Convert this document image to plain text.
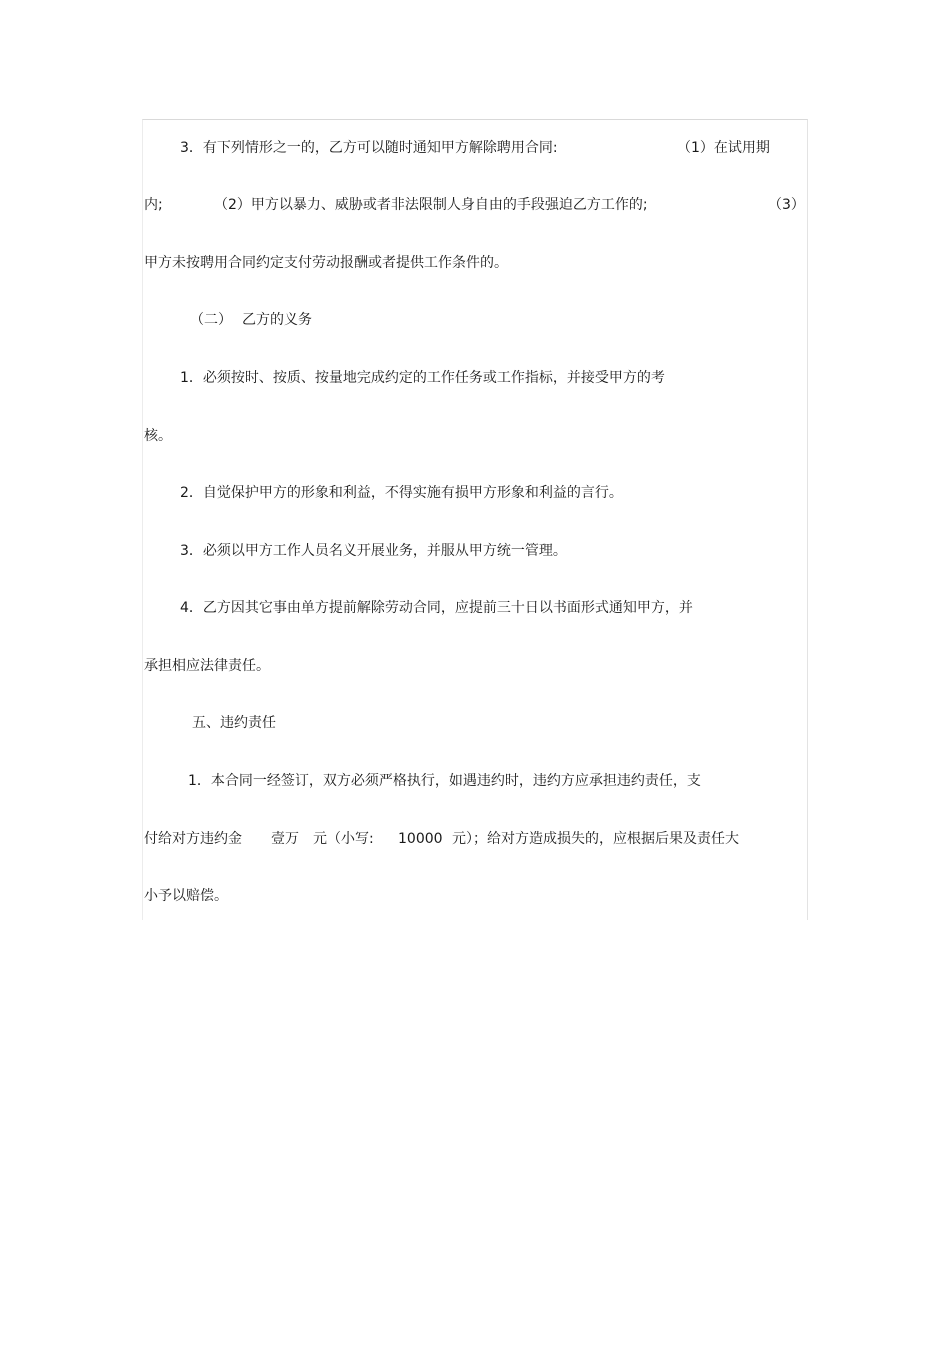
3．有下列情形之一的，乙方可以随时通知甲方解除聘用合同:	（1）在试用期

内;	（2）甲方以暴力、威胁或者非法限制人身自由的手段强迫乙方工作的;	（3）

甲方未按聘用合同约定支付劳动报酬或者提供工作条件的。

（二） 乙方的义务

1．必须按时、按质、按量地完成约定的工作任务或工作指标，并接受甲方的考

核。

2．自觉保护甲方的形象和利益，不得实施有损甲方形象和利益的言行。

3．必须以甲方工作人员名义开展业务，并服从甲方统一管理。

4．乙方因其它事由单方提前解除劳动合同，应提前三十日以书面形式通知甲方，并

承担相应法律责任。

五、违约责任

1．本合同一经签订，双方必须严格执行，如遇违约时，违约方应承担违约责任，支

付给对方违约金 壹万 元（小写: 10000 元）；给对方造成损失的，应根据后果及责任大

小予以赔偿。
